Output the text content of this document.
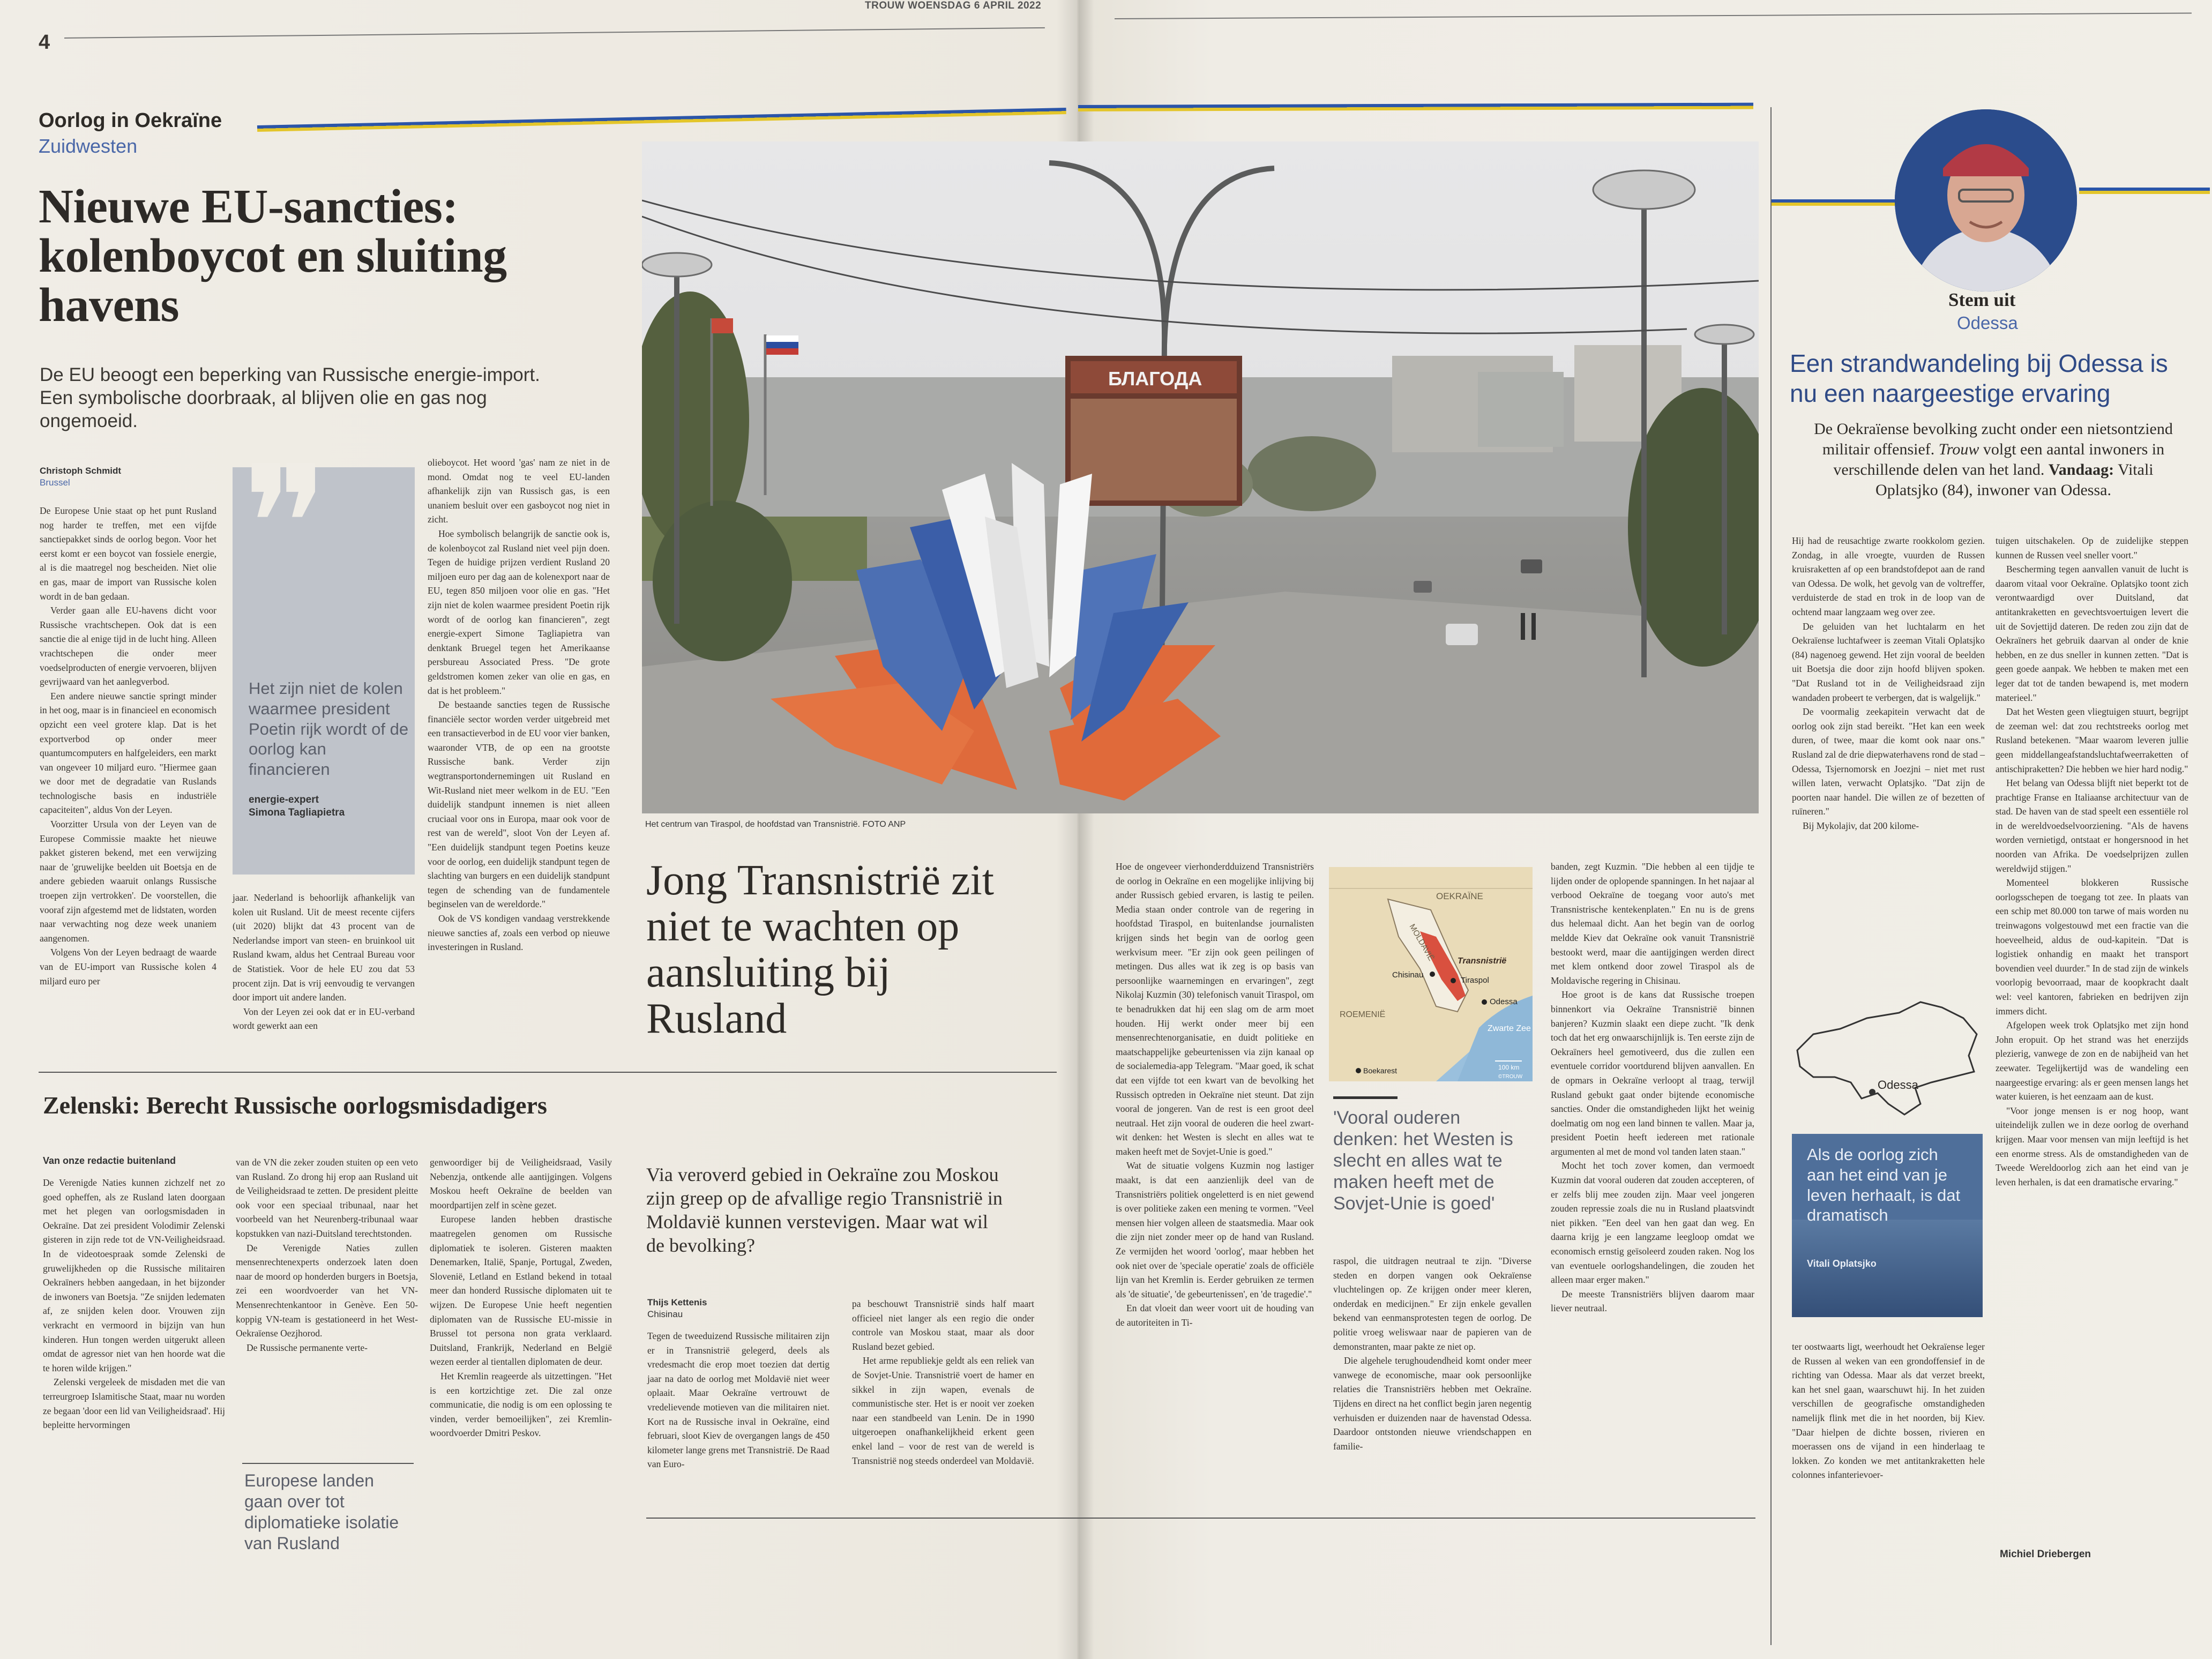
4
Oorlog in Oekraïne
Zuidwesten
Nieuwe EU-sancties: kolenboycot en sluiting havens
De EU beoogt een beperking van Russische energie-import. Een symbolische doorbraak, al blijven olie en gas nog ongemoeid.
Christoph Schmidt
Brussel

De Europese Unie staat op het punt Rusland nog harder te treffen, met een vijfde sanctiepakket sinds de oorlog begon. Voor het eerst komt er een boycot van fossiele energie, al is die maatregel nog bescheiden. Niet olie en gas, maar de import van Russische kolen wordt in de ban gedaan.

Verder gaan alle EU-havens dicht voor Russische vrachtschepen. Ook dat is een sanctie die al enige tijd in de lucht hing. Alleen vrachtschepen die onder meer voedselproducten of energie vervoeren, blijven gevrijwaard van het aanlegverbod.

Een andere nieuwe sanctie springt minder in het oog, maar is in financieel en economisch opzicht een veel grotere klap. Dat is het exportverbod op onder meer quantumcomputers en halfgeleiders, een markt van ongeveer 10 miljard euro. "Hiermee gaan we door met de degradatie van Ruslands technologische basis en industriële capaciteiten", aldus Von der Leyen.

Voorzitter Ursula von der Leyen van de Europese Commissie maakte het nieuwe pakket gisteren bekend, met een verwijzing naar de 'gruwelijke beelden uit Boetsja en de andere gebieden waaruit onlangs Russische troepen zijn vertrokken'. De voorstellen, die vooraf zijn afgestemd met de lidstaten, worden naar verwachting nog deze week unaniem aangenomen.

Volgens Von der Leyen bedraagt de waarde van de EU-import van Russische kolen 4 miljard euro per

❞
Het zijn niet de kolen waarmee president Poetin rijk wordt of de oorlog kan financieren
energie-expert
Simona Tagliapietra

jaar. Nederland is behoorlijk afhankelijk van kolen uit Rusland. Uit de meest recente cijfers (uit 2020) blijkt dat 43 procent van de Nederlandse import van steen- en bruinkool uit Rusland kwam, aldus het Centraal Bureau voor de Statistiek. Voor de hele EU zou dat 53 procent zijn. Dat is vrij eenvoudig te vervangen door import uit andere landen.

Von der Leyen zei ook dat er in EU-verband wordt gewerkt aan een

olieboycot. Het woord 'gas' nam ze niet in de mond. Omdat nog te veel EU-landen afhankelijk zijn van Russisch gas, is een unaniem besluit over een gasboycot nog niet in zicht.

Hoe symbolisch belangrijk de sanctie ook is, de kolenboycot zal Rusland niet veel pijn doen. Tegen de huidige prijzen verdient Rusland 20 miljoen euro per dag aan de kolenexport naar de EU, tegen 850 miljoen voor olie en gas. "Het zijn niet de kolen waarmee president Poetin rijk wordt of de oorlog kan financieren", zegt energie-expert Simone Tagliapietra van denktank Bruegel tegen het Amerikaanse persbureau Associated Press. "De grote geldstromen komen zeker van olie en gas, en dat is het probleem."

De bestaande sancties tegen de Russische financiële sector worden verder uitgebreid met een transactieverbod in de EU voor vier banken, waaronder VTB, de op een na grootste Russische bank. Verder zijn wegtransportondernemingen uit Rusland en Wit-Rusland niet meer welkom in de EU. "Een duidelijk standpunt innemen is niet alleen cruciaal voor ons in Europa, maar ook voor de rest van de wereld", sloot Von der Leyen af. "Een duidelijk standpunt tegen Poetins keuze voor de oorlog, een duidelijk standpunt tegen de slachting van burgers en een duidelijk standpunt tegen de schending van de fundamentele beginselen van de wereldorde."

Ook de VS kondigen vandaag verstrekkende nieuwe sancties af, zoals een verbod op nieuwe investeringen in Rusland.

Zelenski: Berecht Russische oorlogsmisdadigers
Van onze redactie buitenland

De Verenigde Naties kunnen zichzelf net zo goed opheffen, als ze Rusland laten doorgaan met het plegen van oorlogsmisdaden in Oekraïne. Dat zei president Volodimir Zelenski gisteren in zijn rede tot de VN-Veiligheidsraad. In de videotoespraak somde Zelenski de gruwelijkheden op die Russische militairen Oekraïners hebben aangedaan, in het bijzonder de inwoners van Boetsja. "Ze snijden ledematen af, ze snijden kelen door. Vrouwen zijn verkracht en vermoord in bijzijn van hun kinderen. Hun tongen werden uitgerukt alleen omdat de agressor niet van hen hoorde wat die te horen wilde krijgen."

Zelenski vergeleek de misdaden met die van terreurgroep Islamitische Staat, maar nu worden ze begaan 'door een lid van Veiligheidsraad'. Hij bepleitte hervormingen

van de VN die zeker zouden stuiten op een veto van Rusland. Zo drong hij erop aan Rusland uit de Veiligheidsraad te zetten. De president pleitte ook voor een speciaal tribunaal, naar het voorbeeld van het Neurenberg-tribunaal waar kopstukken van nazi-Duitsland terechtstonden.

De Verenigde Naties zullen mensenrechtenexperts onderzoek laten doen naar de moord op honderden burgers in Boetsja, zei een woordvoerder van het VN-Mensenrechtenkantoor in Genève. Een 50-koppig VN-team is gestationeerd in het West-Oekraïense Oezjhorod.

De Russische permanente verte-

Europese landen gaan over tot diplomatieke isolatie van Rusland

genwoordiger bij de Veiligheidsraad, Vasily Nebenzja, ontkende alle aantijgingen. Volgens Moskou heeft Oekraïne de beelden van moordpartijen zelf in scène gezet.

Europese landen hebben drastische maatregelen genomen om Russische diplomatiek te isoleren. Gisteren maakten Denemarken, Italië, Spanje, Portugal, Zweden, Slovenië, Letland en Estland bekend in totaal meer dan honderd Russische diplomaten uit te wijzen. De Europese Unie heeft negentien diplomaten van de Russische EU-missie in Brussel tot persona non grata verklaard. Duitsland, Frankrijk, Nederland en België wezen eerder al tientallen diplomaten de deur.

Het Kremlin reageerde als uitzettingen. "Het is een kortzichtige zet. Die zal onze communicatie, die nodig is om een oplossing te vinden, verder bemoeilijken", zei Kremlin-woordvoerder Dmitri Peskov.

TROUW WOENSDAG 6 APRIL 2022
БЛАГОДА
Het centrum van Tiraspol, de hoofdstad van Transnistrië. FOTO ANP
Jong Transnistrië zit niet te wachten op aansluiting bij Rusland
Via veroverd gebied in Oekraïne zou Moskou zijn greep op de afvallige regio Transnistrië in Moldavië kunnen verstevigen. Maar wat wil de bevolking?
Thijs Kettenis
Chisinau

Tegen de tweeduizend Russische militairen zijn er in Transnistrië gelegerd, deels als vredesmacht die erop moet toezien dat dertig jaar na dato de oorlog met Moldavië niet weer oplaait. Maar Oekraïne vertrouwt de vredelievende motieven van die militairen niet. Kort na de Russische inval in Oekraïne, eind februari, sloot Kiev de overgangen langs de 450 kilometer lange grens met Transnistrië. De Raad van Euro-

pa beschouwt Transnistrië sinds half maart officieel niet langer als een regio die onder controle van Moskou staat, maar als door Rusland bezet gebied.

Het arme republiekje geldt als een reliek van de Sovjet-Unie. Transnistrië voert de hamer en sikkel in zijn wapen, evenals de communistische ster. Het is er nooit ver zoeken naar een standbeeld van Lenin. De in 1990 uitgeroepen onafhankelijkheid erkent geen enkel land – voor de rest van de wereld is Transnistrië nog steeds onderdeel van Moldavië.

Hoe de ongeveer vierhonderdduizend Transnistriërs de oorlog in Oekraïne en een mogelijke inlijving bij ander Russisch gebied ervaren, is lastig te peilen. Media staan onder controle van de regering in hoofdstad Tiraspol, en buitenlandse journalisten krijgen sinds het begin van de oorlog geen werkvisum meer. "Er zijn ook geen peilingen of metingen. Dus alles wat ik zeg is op basis van persoonlijke waarnemingen en ervaringen", zegt Nikolaj Kuzmin (30) telefonisch vanuit Tiraspol, om te benadrukken dat hij een slag om de arm moet houden. Hij werkt onder meer bij een mensenrechtenorganisatie, en duidt politieke en maatschappelijke gebeurtenissen via zijn kanaal op de socialemedia-app Telegram. "Maar goed, ik schat dat een vijfde tot een kwart van de bevolking het Russisch optreden in Oekraïne niet steunt. Dat zijn vooral de jongeren. Van de rest is een groot deel neutraal. Het zijn vooral de ouderen die heel zwart-wit denken: het Westen is slecht en alles wat te maken heeft met de Sovjet-Unie is goed."

Wat de situatie volgens Kuzmin nog lastiger maakt, is dat een aanzienlijk deel van de Transnistriërs politiek ongeletterd is en niet gewend is over politieke zaken een mening te vormen. "Veel mensen hier volgen alleen de staatsmedia. Maar ook die zijn niet zonder meer op de hand van Rusland. Ze vermijden het woord 'oorlog', maar hebben het ook niet over de 'speciale operatie' zoals de officiële lijn van het Kremlin is. Eerder gebruiken ze termen als 'de situatie', 'de gebeurtenissen', en 'de tragedie'."

En dat vloeit dan weer voort uit de houding van de autoriteiten in Ti-

OEKRAÏNE
MOLDAVIË	Transnistrië
Chisinau
Tiraspol
Odessa
ROEMENIË
Zwarte Zee
Boekarest	100 km
©TROUW
'Vooral ouderen denken: het Westen is slecht en alles wat te maken heeft met de Sovjet-Unie is goed'

raspol, die uitdragen neutraal te zijn. "Diverse steden en dorpen vangen ook Oekraïense vluchtelingen op. Ze krijgen onder meer kleren, onderdak en medicijnen." Er zijn enkele gevallen bekend van eenmansprotesten tegen de oorlog. De politie vroeg weliswaar naar de papieren van de demonstranten, maar pakte ze niet op.

Die algehele terughoudendheid komt onder meer vanwege de economische, maar ook persoonlijke relaties die Transnistriërs hebben met Oekraïne. Tijdens en direct na het conflict begin jaren negentig verhuisden er duizenden naar de havenstad Odessa. Daardoor ontstonden nieuwe vriendschappen en familie-

banden, zegt Kuzmin. "Die hebben al een tijdje te lijden onder de oplopende spanningen. In het najaar al verbood Oekraïne de toegang voor auto's met Transnistrische kentekenplaten." En nu is de grens dus helemaal dicht. Aan het begin van de oorlog meldde Kiev dat Oekraïne ook vanuit Transnistrië bestookt werd, maar die aantijgingen werden direct met klem ontkend door zowel Tiraspol als de Moldavische regering in Chisinau.

Hoe groot is de kans dat Russische troepen binnenkort via Oekraïne Transnistrië binnen banjeren? Kuzmin slaakt een diepe zucht. "Ik denk toch dat het erg onwaarschijnlijk is. Ten eerste zijn de Oekraïners heel gemotiveerd, dus die zullen een eventuele corridor voortdurend blijven aanvallen. En de opmars in Oekraïne verloopt al traag, terwijl Rusland gebukt gaat onder bijtende economische sancties. Onder die omstandigheden lijkt het weinig doelmatig om nog een land binnen te vallen. Maar ja, president Poetin heeft iedereen met rationale argumenten al met de mond vol tanden laten staan."

Mocht het toch zover komen, dan vermoedt Kuzmin dat vooral ouderen dat zouden accepteren, of er zelfs blij mee zouden zijn. Maar veel jongeren zouden repressie zoals die nu in Rusland plaatsvindt niet pikken. "Een deel van hen gaat dan weg. En daarna krijg je een langzame leegloop omdat we economisch ernstig geïsoleerd zouden raken. Nog los van eventuele oorlogshandelingen, die zouden het alleen maar erger maken."

De meeste Transnistriërs blijven daarom maar liever neutraal.

Stem uit
Odessa
Een strandwandeling bij Odessa is nu een naargeestige ervaring
De Oekraïense bevolking zucht onder een nietsontziend militair offensief. Trouw volgt een aantal inwoners in verschillende delen van het land. Vandaag: Vitali Oplatsjko (84), inwoner van Odessa.

Hij had de reusachtige zwarte rookkolom gezien. Zondag, in alle vroegte, vuurden de Russen kruisraketten af op een brandstofdepot aan de rand van Odessa. De wolk, het gevolg van de voltreffer, verduisterde de stad en trok in de loop van de ochtend maar langzaam weg over zee.

De geluiden van het luchtalarm en het Oekraïense luchtafweer is zeeman Vitali Oplatsjko (84) nagenoeg gewend. Het zijn vooral de beelden uit Boetsja die door zijn hoofd blijven spoken. "Dat Rusland tot in de Veiligheidsraad zijn wandaden probeert te verbergen, dat is walgelijk."

De voormalig zeekapitein verwacht dat de oorlog ook zijn stad bereikt. "Het kan een week duren, of twee, maar die komt ook naar ons." Rusland zal de drie diepwaterhavens rond de stad – Odessa, Tsjernomorsk en Joezjni – niet met rust willen laten, verwacht Oplatsjko. "Dat zijn de poorten naar handel. Die willen ze of bezetten of ruïneren."

Bij Mykolajiv, dat 200 kilome-

Odessa
Als de oorlog zich aan het eind van je leven herhaalt, is dat dramatisch
Vitali Oplatsjko

ter oostwaarts ligt, weerhoudt het Oekraïense leger de Russen al weken van een grondoffensief in de richting van Odessa. Maar als dat verzet breekt, kan het snel gaan, waarschuwt hij. In het zuiden verschillen de geografische omstandigheden namelijk flink met die in het noorden, bij Kiev. "Daar hielpen de dichte bossen, rivieren en moerassen ons de vijand in een hinderlaag te lokken. Zo konden we met antitankraketten hele colonnes infanterievoer-

tuigen uitschakelen. Op de zuidelijke steppen kunnen de Russen veel sneller voort."

Bescherming tegen aanvallen vanuit de lucht is daarom vitaal voor Oekraïne. Oplatsjko toont zich verontwaardigd over Duitsland, dat antitankraketten en gevechtsvoertuigen levert die uit de Sovjettijd dateren. De reden zou zijn dat de Oekraïners het gebruik daarvan al onder de knie hebben, en ze dus sneller in kunnen zetten. "Dat is geen goede aanpak. We hebben te maken met een leger dat tot de tanden bewapend is, met modern materieel."

Dat het Westen geen vliegtuigen stuurt, begrijpt de zeeman wel: dat zou rechtstreeks oorlog met Rusland betekenen. "Maar waarom leveren jullie geen middellangeafstandsluchtafweerraketten of antischipraketten? Die hebben we hier hard nodig."

Het belang van Odessa blijft niet beperkt tot de prachtige Franse en Italiaanse architectuur van de stad. De haven van de stad speelt een essentiële rol in de wereldvoedselvoorziening. "Als de havens worden vernietigd, ontstaat er hongersnood in het noorden van Afrika. De voedselprijzen zullen wereldwijd stijgen."

Momenteel blokkeren Russische oorlogsschepen de toegang tot zee. In plaats van een schip met 80.000 ton tarwe of mais worden nu treinwagons volgestouwd met een fractie van die hoeveelheid, aldus de oud-kapitein. "Dat is logistiek onhandig en maakt het transport bovendien veel duurder." In de stad zijn de winkels voorlopig bevoorraad, maar de koopkracht daalt wel: veel kantoren, fabrieken en bedrijven zijn immers dicht.

Afgelopen week trok Oplatsjko met zijn hond John eropuit. Op het strand was het enerzijds plezierig, vanwege de zon en de nabijheid van het zeewater. Tegelijkertijd was de wandeling een naargeestige ervaring: als er geen mensen langs het water kuieren, is het eenzaam aan de kust.

"Voor jonge mensen is er nog hoop, want uiteindelijk zullen we in deze oorlog de overhand krijgen. Maar voor mensen van mijn leeftijd is het een enorme stress. Als de omstandigheden van de Tweede Wereldoorlog zich aan het eind van je leven herhalen, is dat een dramatische ervaring."

Michiel Driebergen
